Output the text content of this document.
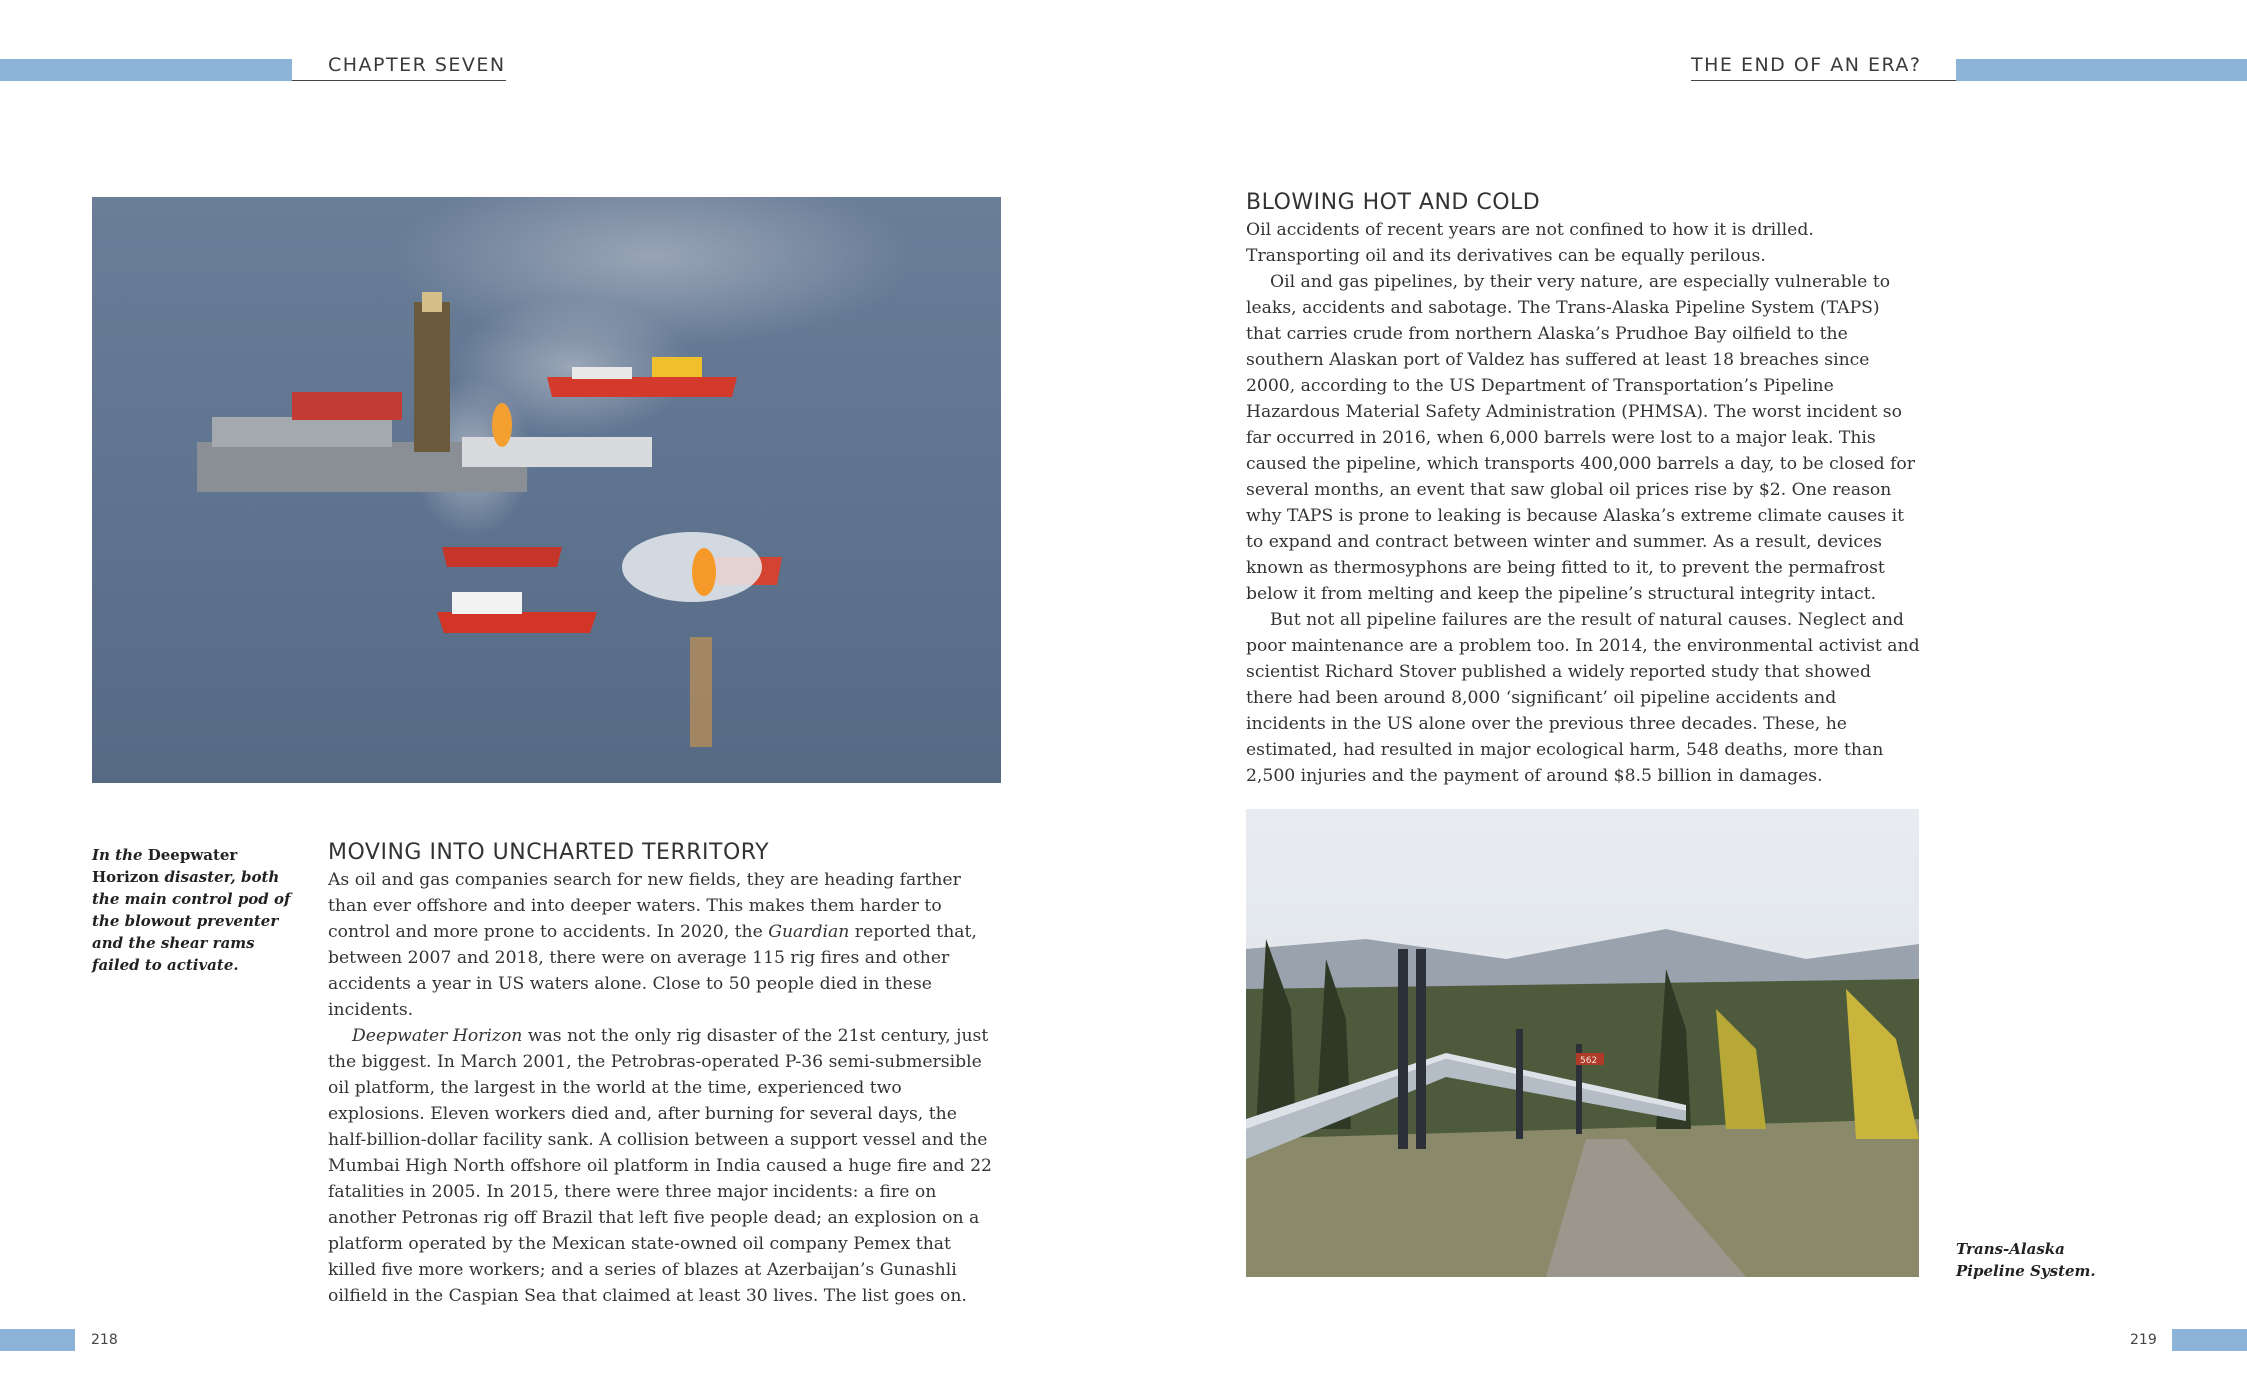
CHAPTER SEVEN	THE END OF AN ERA?
In the Deepwater Horizon disaster, both the main control pod of the blowout preventer and the shear rams failed to activate.
MOVING INTO UNCHARTED TERRITORY

As oil and gas companies search for new fields, they are heading farther than ever offshore and into deeper waters. This makes them harder to control and more prone to accidents. In 2020, the Guardian reported that, between 2007 and 2018, there were on average 115 rig fires and other accidents a year in US waters alone. Close to 50 people died in these incidents.

Deepwater Horizon was not the only rig disaster of the 21st century, just the biggest. In March 2001, the Petrobras-operated P-36 semi-submersible oil platform, the largest in the world at the time, experienced two explosions. Eleven workers died and, after burning for several days, the half-billion-dollar facility sank. A collision between a support vessel and the Mumbai High North offshore oil platform in India caused a huge fire and 22 fatalities in 2005. In 2015, there were three major incidents: a fire on another Petronas rig off Brazil that left five people dead; an explosion on a platform operated by the Mexican state-owned oil company Pemex that killed five more workers; and a series of blazes at Azerbaijan’s Gunashli oilfield in the Caspian Sea that claimed at least 30 lives. The list goes on.

BLOWING HOT AND COLD

Oil accidents of recent years are not confined to how it is drilled. Transporting oil and its derivatives can be equally perilous.

Oil and gas pipelines, by their very nature, are especially vulnerable to leaks, accidents and sabotage. The Trans-Alaska Pipeline System (TAPS) that carries crude from northern Alaska’s Prudhoe Bay oilfield to the southern Alaskan port of Valdez has suffered at least 18 breaches since 2000, according to the US Department of Transportation’s Pipeline Hazardous Material Safety Administration (PHMSA). The worst incident so far occurred in 2016, when 6,000 barrels were lost to a major leak. This caused the pipeline, which transports 400,000 barrels a day, to be closed for several months, an event that saw global oil prices rise by $2. One reason why TAPS is prone to leaking is because Alaska’s extreme climate causes it to expand and contract between winter and summer. As a result, devices known as thermosyphons are being fitted to it, to prevent the permafrost below it from melting and keep the pipeline’s structural integrity intact.

But not all pipeline failures are the result of natural causes. Neglect and poor maintenance are a problem too. In 2014, the environmental activist and scientist Richard Stover published a widely reported study that showed there had been around 8,000 ‘significant’ oil pipeline accidents and incidents in the US alone over the previous three decades. These, he estimated, had resulted in major ecological harm, 548 deaths, more than 2,500 injuries and the payment of around $8.5 billion in damages.

562
Trans-Alaska Pipeline System.
218	219
